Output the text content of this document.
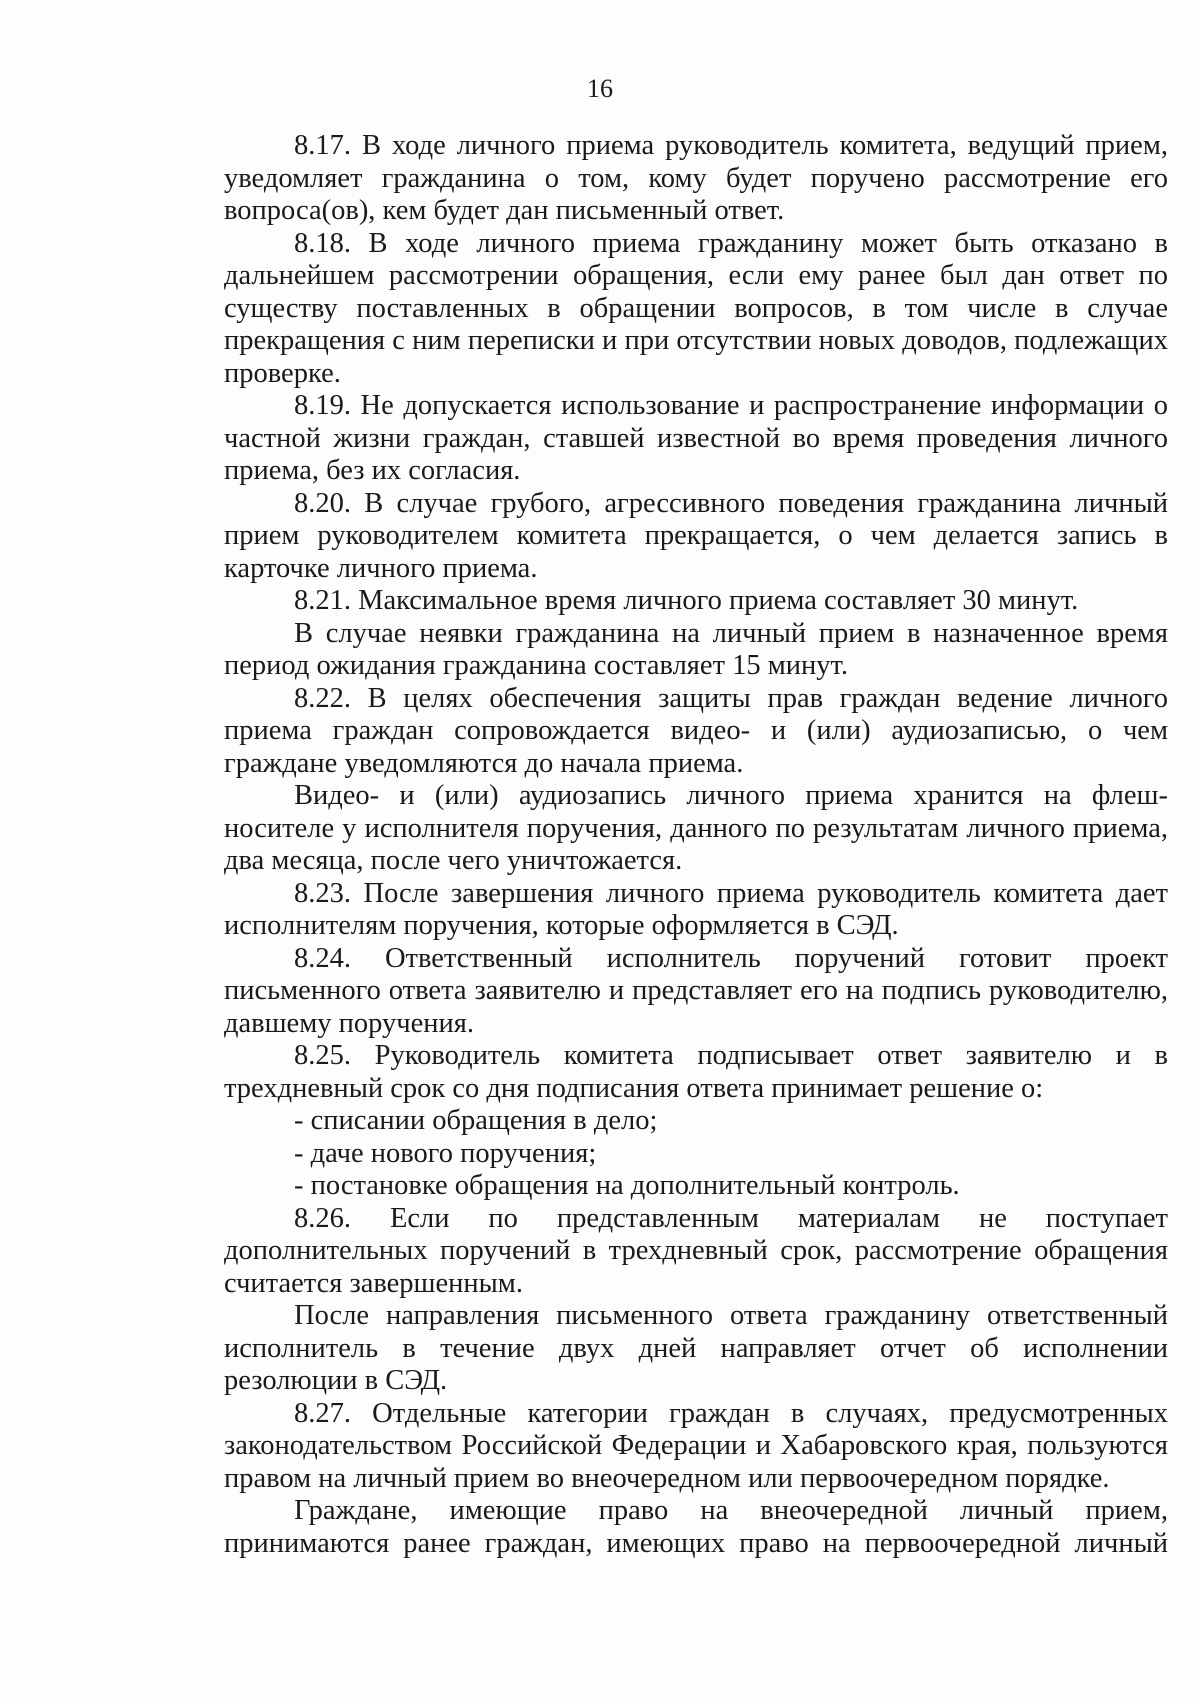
16

8.17. В ходе личного приема руководитель комитета, ведущий прием, уведомляет гражданина о том, кому будет поручено рассмотрение его вопроса(ов), кем будет дан письменный ответ.

8.18. В ходе личного приема гражданину может быть отказано в дальнейшем рассмотрении обращения, если ему ранее был дан ответ по существу поставленных в обращении вопросов, в том числе в случае прекращения с ним переписки и при отсутствии новых доводов, подлежащих проверке.

8.19. Не допускается использование и распространение информации о частной жизни граждан, ставшей известной во время проведения личного приема, без их согласия.

8.20. В случае грубого, агрессивного поведения гражданина личный прием руководителем комитета прекращается, о чем делается запись в карточке личного приема.

8.21. Максимальное время личного приема составляет 30 минут.

В случае неявки гражданина на личный прием в назначенное время период ожидания гражданина составляет 15 минут.

8.22. В целях обеспечения защиты прав граждан ведение личного приема граждан сопровождается видео- и (или) аудиозаписью, о чем граждане уведомляются до начала приема.

Видео- и (или) аудиозапись личного приема хранится на флеш-носителе у исполнителя поручения, данного по результатам личного приема, два месяца, после чего уничтожается.

8.23. После завершения личного приема руководитель комитета дает исполнителям поручения, которые оформляется в СЭД.

8.24. Ответственный исполнитель поручений готовит проект письменного ответа заявителю и представляет его на подпись руководителю, давшему поручения.

8.25. Руководитель комитета подписывает ответ заявителю и в трехдневный срок со дня подписания ответа принимает решение о:

- списании обращения в дело;

- даче нового поручения;

- постановке обращения на дополнительный контроль.

8.26. Если по представленным материалам не поступает дополнительных поручений в трехдневный срок, рассмотрение обращения считается завершенным.

После направления письменного ответа гражданину ответственный исполнитель в течение двух дней направляет отчет об исполнении резолюции в СЭД.

8.27. Отдельные категории граждан в случаях, предусмотренных законодательством Российской Федерации и Хабаровского края, пользуются правом на личный прием во внеочередном или первоочередном порядке.

Граждане, имеющие право на внеочередной личный прием, принимаются ранее граждан, имеющих право на первоочередной личный
